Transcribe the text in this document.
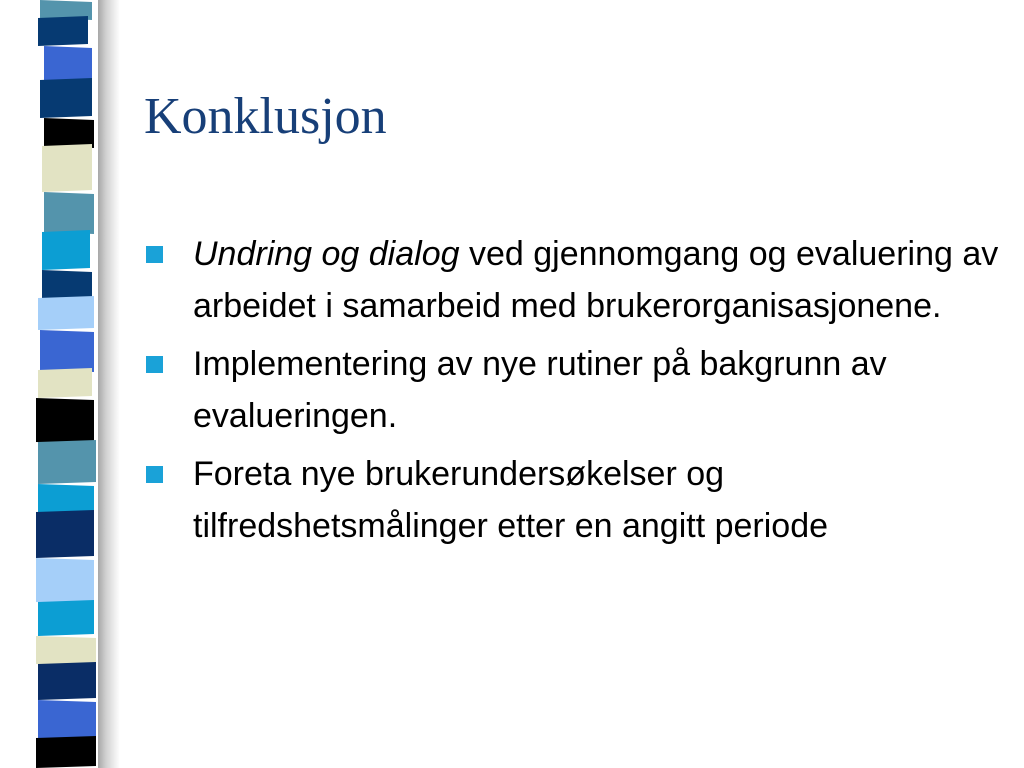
Konklusjon
Undring og dialog ved gjennomgang og evaluering av arbeidet i samarbeid med brukerorganisasjonene.
Implementering av nye rutiner på bakgrunn av evalueringen.
Foreta nye brukerundersøkelser og tilfredshetsmålinger etter en angitt periode
